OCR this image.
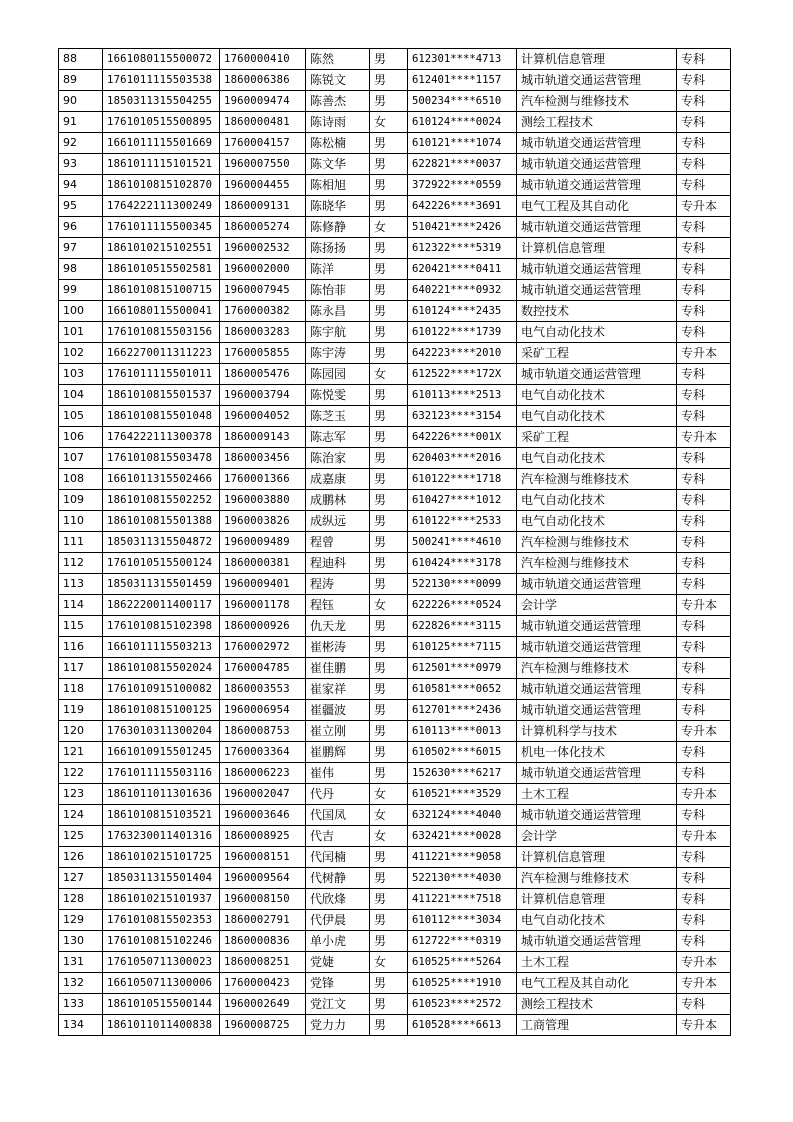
88	1661080115500072	1760000410	陈然	男	612301****4713	计算机信息管理	专科
89	1761011115503538	1860006386	陈锐文	男	612401****1157	城市轨道交通运营管理	专科
90	1850311315504255	1960009474	陈善杰	男	500234****6510	汽车检测与维修技术	专科
91	1761010515500895	1860000481	陈诗雨	女	610124****0024	测绘工程技术	专科
92	1661011115501669	1760004157	陈松楠	男	610121****1074	城市轨道交通运营管理	专科
93	1861011115101521	1960007550	陈文华	男	622821****0037	城市轨道交通运营管理	专科
94	1861010815102870	1960004455	陈相旭	男	372922****0559	城市轨道交通运营管理	专科
95	1764222111300249	1860009131	陈晓华	男	642226****3691	电气工程及其自动化	专升本
96	1761011115500345	1860005274	陈修静	女	510421****2426	城市轨道交通运营管理	专科
97	1861010215102551	1960002532	陈扬扬	男	612322****5319	计算机信息管理	专科
98	1861010515502581	1960002000	陈洋	男	620421****0411	城市轨道交通运营管理	专科
99	1861010815100715	1960007945	陈怡菲	男	640221****0932	城市轨道交通运营管理	专科
100	1661080115500041	1760000382	陈永昌	男	610124****2435	数控技术	专科
101	1761010815503156	1860003283	陈宇航	男	610122****1739	电气自动化技术	专科
102	1662270011311223	1760005855	陈宇涛	男	642223****2010	采矿工程	专升本
103	1761011115501011	1860005476	陈园园	女	612522****172X	城市轨道交通运营管理	专科
104	1861010815501537	1960003794	陈悦雯	男	610113****2513	电气自动化技术	专科
105	1861010815501048	1960004052	陈芝玉	男	632123****3154	电气自动化技术	专科
106	1764222111300378	1860009143	陈志军	男	642226****001X	采矿工程	专升本
107	1761010815503478	1860003456	陈治家	男	620403****2016	电气自动化技术	专科
108	1661011315502466	1760001366	成嘉康	男	610122****1718	汽车检测与维修技术	专科
109	1861010815502252	1960003880	成鹏林	男	610427****1012	电气自动化技术	专科
110	1861010815501388	1960003826	成纵远	男	610122****2533	电气自动化技术	专科
111	1850311315504872	1960009489	程曾	男	500241****4610	汽车检测与维修技术	专科
112	1761010515500124	1860000381	程迪科	男	610424****3178	汽车检测与维修技术	专科
113	1850311315501459	1960009401	程涛	男	522130****0099	城市轨道交通运营管理	专科
114	1862220011400117	1960001178	程钰	女	622226****0524	会计学	专升本
115	1761010815102398	1860000926	仇天龙	男	622826****3115	城市轨道交通运营管理	专科
116	1661011115503213	1760002972	崔彬涛	男	610125****7115	城市轨道交通运营管理	专科
117	1861010815502024	1760004785	崔佳鹏	男	612501****0979	汽车检测与维修技术	专科
118	1761010915100082	1860003553	崔家祥	男	610581****0652	城市轨道交通运营管理	专科
119	1861010815100125	1960006954	崔疆波	男	612701****2436	城市轨道交通运营管理	专科
120	1763010311300204	1860008753	崔立刚	男	610113****0013	计算机科学与技术	专升本
121	1661010915501245	1760003364	崔鹏辉	男	610502****6015	机电一体化技术	专科
122	1761011115503116	1860006223	崔伟	男	152630****6217	城市轨道交通运营管理	专科
123	1861011011301636	1960002047	代丹	女	610521****3529	土木工程	专升本
124	1861010815103521	1960003646	代国凤	女	632124****4040	城市轨道交通运营管理	专科
125	1763230011401316	1860008925	代吉	女	632421****0028	会计学	专升本
126	1861010215101725	1960008151	代闰楠	男	411221****9058	计算机信息管理	专科
127	1850311315501404	1960009564	代树静	男	522130****4030	汽车检测与维修技术	专科
128	1861010215101937	1960008150	代欣烽	男	411221****7518	计算机信息管理	专科
129	1761010815502353	1860002791	代伊晨	男	610112****3034	电气自动化技术	专科
130	1761010815102246	1860000836	单小虎	男	612722****0319	城市轨道交通运营管理	专科
131	1761050711300023	1860008251	党婕	女	610525****5264	土木工程	专升本
132	1661050711300006	1760000423	党锋	男	610525****1910	电气工程及其自动化	专升本
133	1861010515500144	1960002649	党江文	男	610523****2572	测绘工程技术	专科
134	1861011011400838	1960008725	党力力	男	610528****6613	工商管理	专升本
